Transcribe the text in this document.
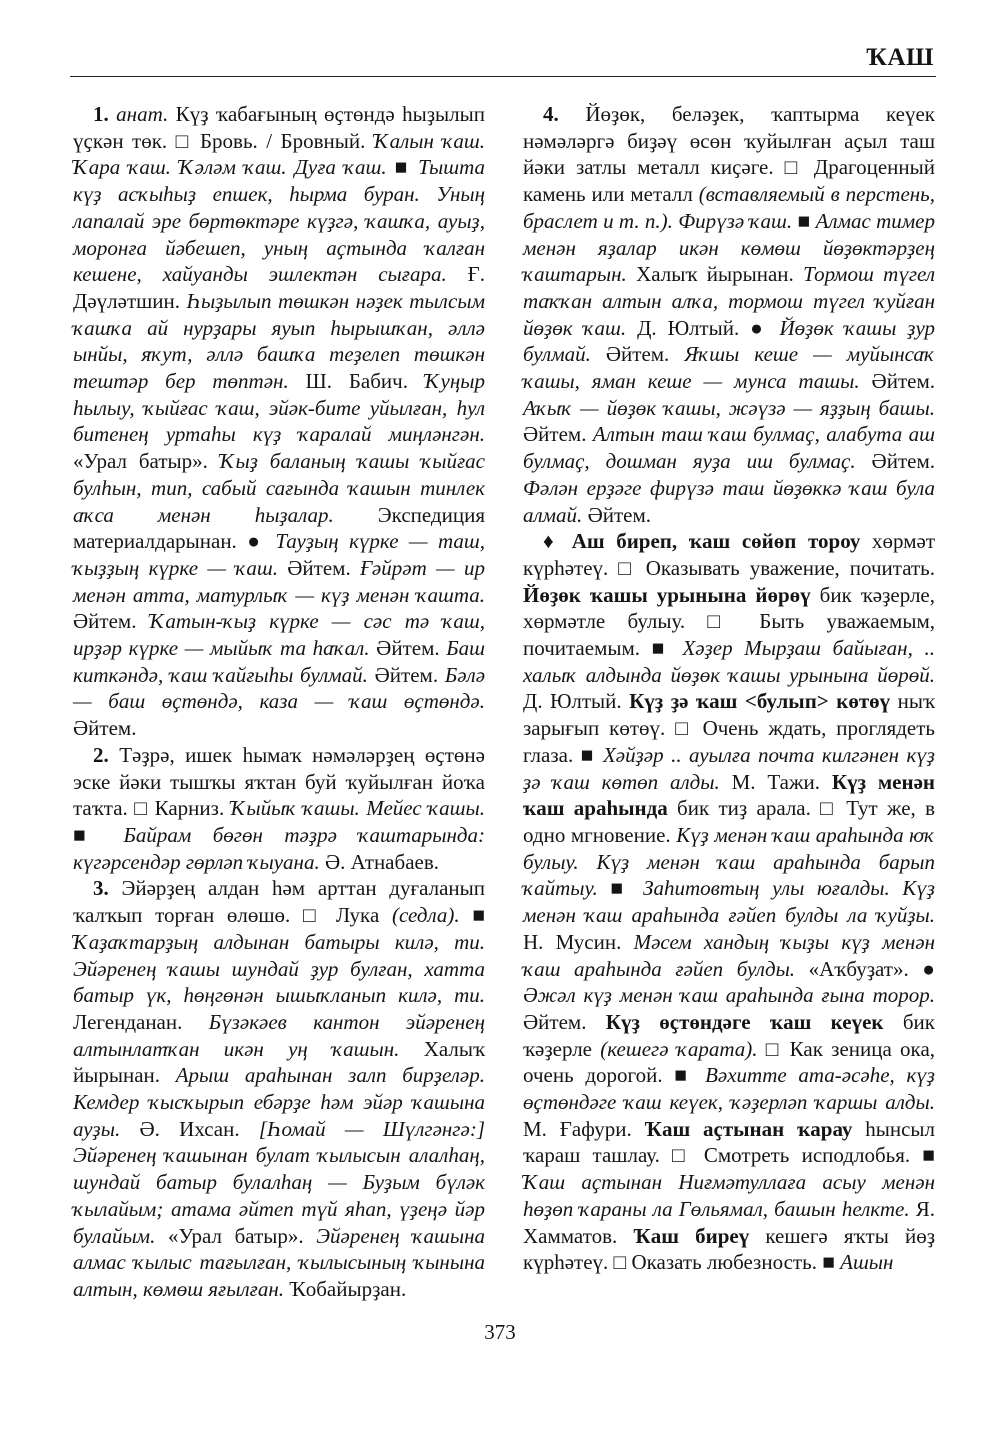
ҠАШ

1. анат. Күҙ ҡабағының өҫтөндә һыҙылып үҫкән төк. □ Бровь. / Бровный. Ҡалын ҡаш. Ҡара ҡаш. Ҡәләм ҡаш. Дуға ҡаш. ■ Тышта күҙ асҡыһыҙ епшек, һырма буран. Уның лапалай эре бөртөктәре күҙгә, ҡашҡа, ауыҙ, моронға йәбешеп, уның аҫтында ҡалған кешене, хайуанды эшлектән сығара. Ғ. Дәүләтшин. Һыҙылып төшкән нәҙек тылсым ҡашҡа ай нурҙары яуып һырышҡан, әллә ынйы, яҡут, әллә башҡа теҙелеп төшкән тештәр бер төптән. Ш. Бабич. Ҡуңыр һылыу, ҡыйғас ҡаш, эйәк-бите уйылған, һул битенең уртаһы күҙ ҡаралай миңләнгән. «Урал батыр». Ҡыҙ баланың ҡашы ҡыйғас булһын, тип, сабый сағында ҡашын тинлек аҡса менән һыҙалар. Экспедиция материалдарынан. ● Тауҙың күрке — таш, ҡыҙҙың күрке — ҡаш. Әйтем. Ғәйрәт — ир менән атта, матурлыҡ — күҙ менән ҡашта. Әйтем. Ҡатын-ҡыҙ күрке — сәс тә ҡаш, ирҙәр күрке — мыйыҡ та һаҡал. Әйтем. Баш киткәндә, ҡаш ҡайғыһы булмай. Әйтем. Бәлә — баш өҫтөндә, каза — ҡаш өҫтөндә. Әйтем.

2. Тәҙрә, ишек һымаҡ нәмәләрҙең өҫтөнә эске йәки тышҡы яҡтан буй ҡуйылған йоҡа таҡта. □ Карниз. Ҡыйыҡ ҡашы. Мейес ҡашы. ■ Байрам бөгөн тәҙрә ҡаштарында: күгәрсендәр гөрләп ҡыуана. Ә. Атнабаев.

3. Эйәрҙең алдан һәм арттан дуғаланып ҡалҡып торған өлөшө. □ Лука (седла). ■ Ҡаҙаҡтарҙың алдынан батыры килә, ти. Эйәренең ҡашы шундай ҙур булған, хатта батыр үк, һөңгөнән ышыҡланып килә, ти. Легенданан. Бүзәкәев кантон эйәренең алтынлатҡан икән уң ҡашын. Халыҡ йырынан. Арыш араһынан залп бирҙеләр. Кемдер ҡысҡырып ебәрҙе һәм эйәр ҡашына ауҙы. Ә. Ихсан. [Һомай — Шүлгәнгә:] Эйәренең ҡашынан булат ҡылысын алалһаң, шундай батыр булалһаң — Буҙым бүләк ҡылайым; атама әйтеп түй яһап, үҙеңә йәр булайым. «Урал батыр». Эйәренең ҡашына алмас ҡылыс тағылған, ҡылысының ҡынына алтын, көмөш яғылған. Ҡобайырҙан.

4. Йөҙөк, беләҙек, ҡаптырма кеүек нәмәләргә биҙәү өсөн ҡуйылған аҫыл таш йәки затлы металл киҫәге. □ Драгоценный камень или металл (вставляемый в перстень, браслет и т. п.). Фирүзә ҡаш. ■ Алмас тимер менән яҙалар икән көмөш йөҙөктәрҙең ҡаштарын. Халыҡ йырынан. Тормош түгел таҡҡан алтын алҡа, тормош түгел ҡуйған йөҙөк ҡаш. Д. Юлтый. ● Йөҙөк ҡашы ҙур булмай. Әйтем. Яҡшы кеше — муйынсаҡ ҡашы, яман кеше — мунса ташы. Әйтем. Аҡыҡ — йөҙөк ҡашы, жәүзә — яҙҙың башы. Әйтем. Алтын таш ҡаш булмаҫ, алабута аш булмаҫ, дошман яуҙа иш булмаҫ. Әйтем. Фәлән ерҙәге фирүзә таш йөҙөккә ҡаш була алмай. Әйтем.

♦ Аш биреп, ҡаш сөйөп тороу хөрмәт күрһәтеү. □ Оказывать уважение, почитать. Йөҙөк ҡашы урынына йөрөү бик ҡәҙерле, хөрмәтле булыу. □ Быть уважаемым, почитаемым. ■ Хәҙер Мырҙаш байыған, .. халыҡ алдында йөҙөк ҡашы урынына йөрөй. Д. Юлтый. Күҙ ҙә ҡаш <булып> көтөү ныҡ зарығып көтөү. □ Очень ждать, проглядеть глаза. ■ Хәйҙәр .. ауылға почта килгәнен күҙ ҙә ҡаш көтөп алды. М. Тажи. Күҙ менән ҡаш араһында бик тиҙ арала. □ Тут же, в одно мгновение. Күҙ менән ҡаш араһында юҡ булыу. Күҙ менән ҡаш араһында барып ҡайтыу. ■ Заһитовтың улы юғалды. Күҙ менән ҡаш араһында ғәйеп булды ла ҡуйҙы. Н. Мусин. Мәсем хандың ҡыҙы күҙ менән ҡаш араһында ғәйеп булды. «Аҡбуҙат». ● Әжәл күҙ менән ҡаш араһында ғына торор. Әйтем. Күҙ өҫтөндәге ҡаш кеүек бик ҡәҙерле (кешегә ҡарата). □ Как зеница ока, очень дорогой. ■ Вәхитте ата-әсәһе, күҙ өҫтөндәге ҡаш кеүек, ҡәҙерләп ҡаршы алды. М. Ғафури. Ҡаш аҫтынан ҡарау һынсыл ҡараш ташлау. □ Смотреть исподлобья. ■ Ҡаш аҫтынан Ниғмәтуллаға асыу менән һөҙөп ҡараны ла Гөльямал, башын һелкте. Я. Хамматов. Ҡаш биреү кешегә яҡты йөҙ күрһәтеү. □ Оказать любезность. ■ Ашын

373
